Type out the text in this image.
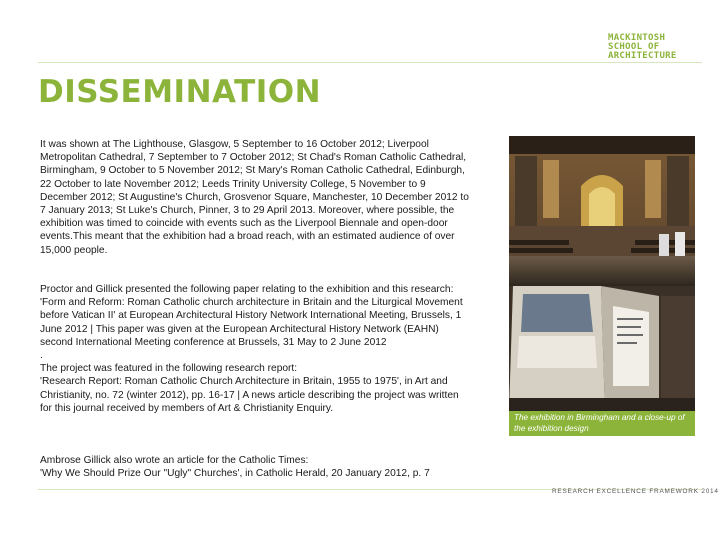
MACKINTOSH
SCHOOL OF
ARCHITECTURE
DISSEMINATION

It was shown at The Lighthouse, Glasgow, 5 September to 16 October 2012; Liverpool Metropolitan Cathedral, 7 September to 7 October 2012; St Chad's Roman Catholic Cathedral, Birmingham, 9 October to 5 November 2012; St Mary's Roman Catholic Cathedral, Edinburgh, 22 October to late November 2012; Leeds Trinity University College, 5 November to 9 December 2012; St Augustine's Church, Grosvenor Square, Manchester, 10 December 2012 to 7 January 2013; St Luke's Church, Pinner, 3 to 29 April 2013. Moreover, where possible, the exhibition was timed to coincide with events such as the Liverpool Biennale and open-door events.This meant that the exhibition had a broad reach, with an estimated audience of over 15,000 people.

Proctor and Gillick presented the following paper relating to the exhibition and this research:
'Form and Reform: Roman Catholic church architecture in Britain and the Liturgical Movement before Vatican II' at European Architectural History Network International Meeting, Brussels, 1 June 2012 | This paper was given at the European Architectural History Network (EAHN) second International Meeting conference at Brussels, 31 May to 2 June 2012
.
The project was featured in the following research report:
'Research Report: Roman Catholic Church Architecture in Britain, 1955 to 1975', in Art and Christianity, no. 72 (winter 2012), pp. 16-17 | A news article describing the project was written for this journal received by members of Art & Christianity Enquiry.
Ambrose Gillick also wrote an article for the Catholic Times:
'Why We Should Prize Our "Ugly" Churches', in Catholic Herald, 20 January 2012, p. 7

The exhibition in Birmingham and a close-up of the exhibition design

RESEARCH EXCELLENCE FRAMEWORK 2014
